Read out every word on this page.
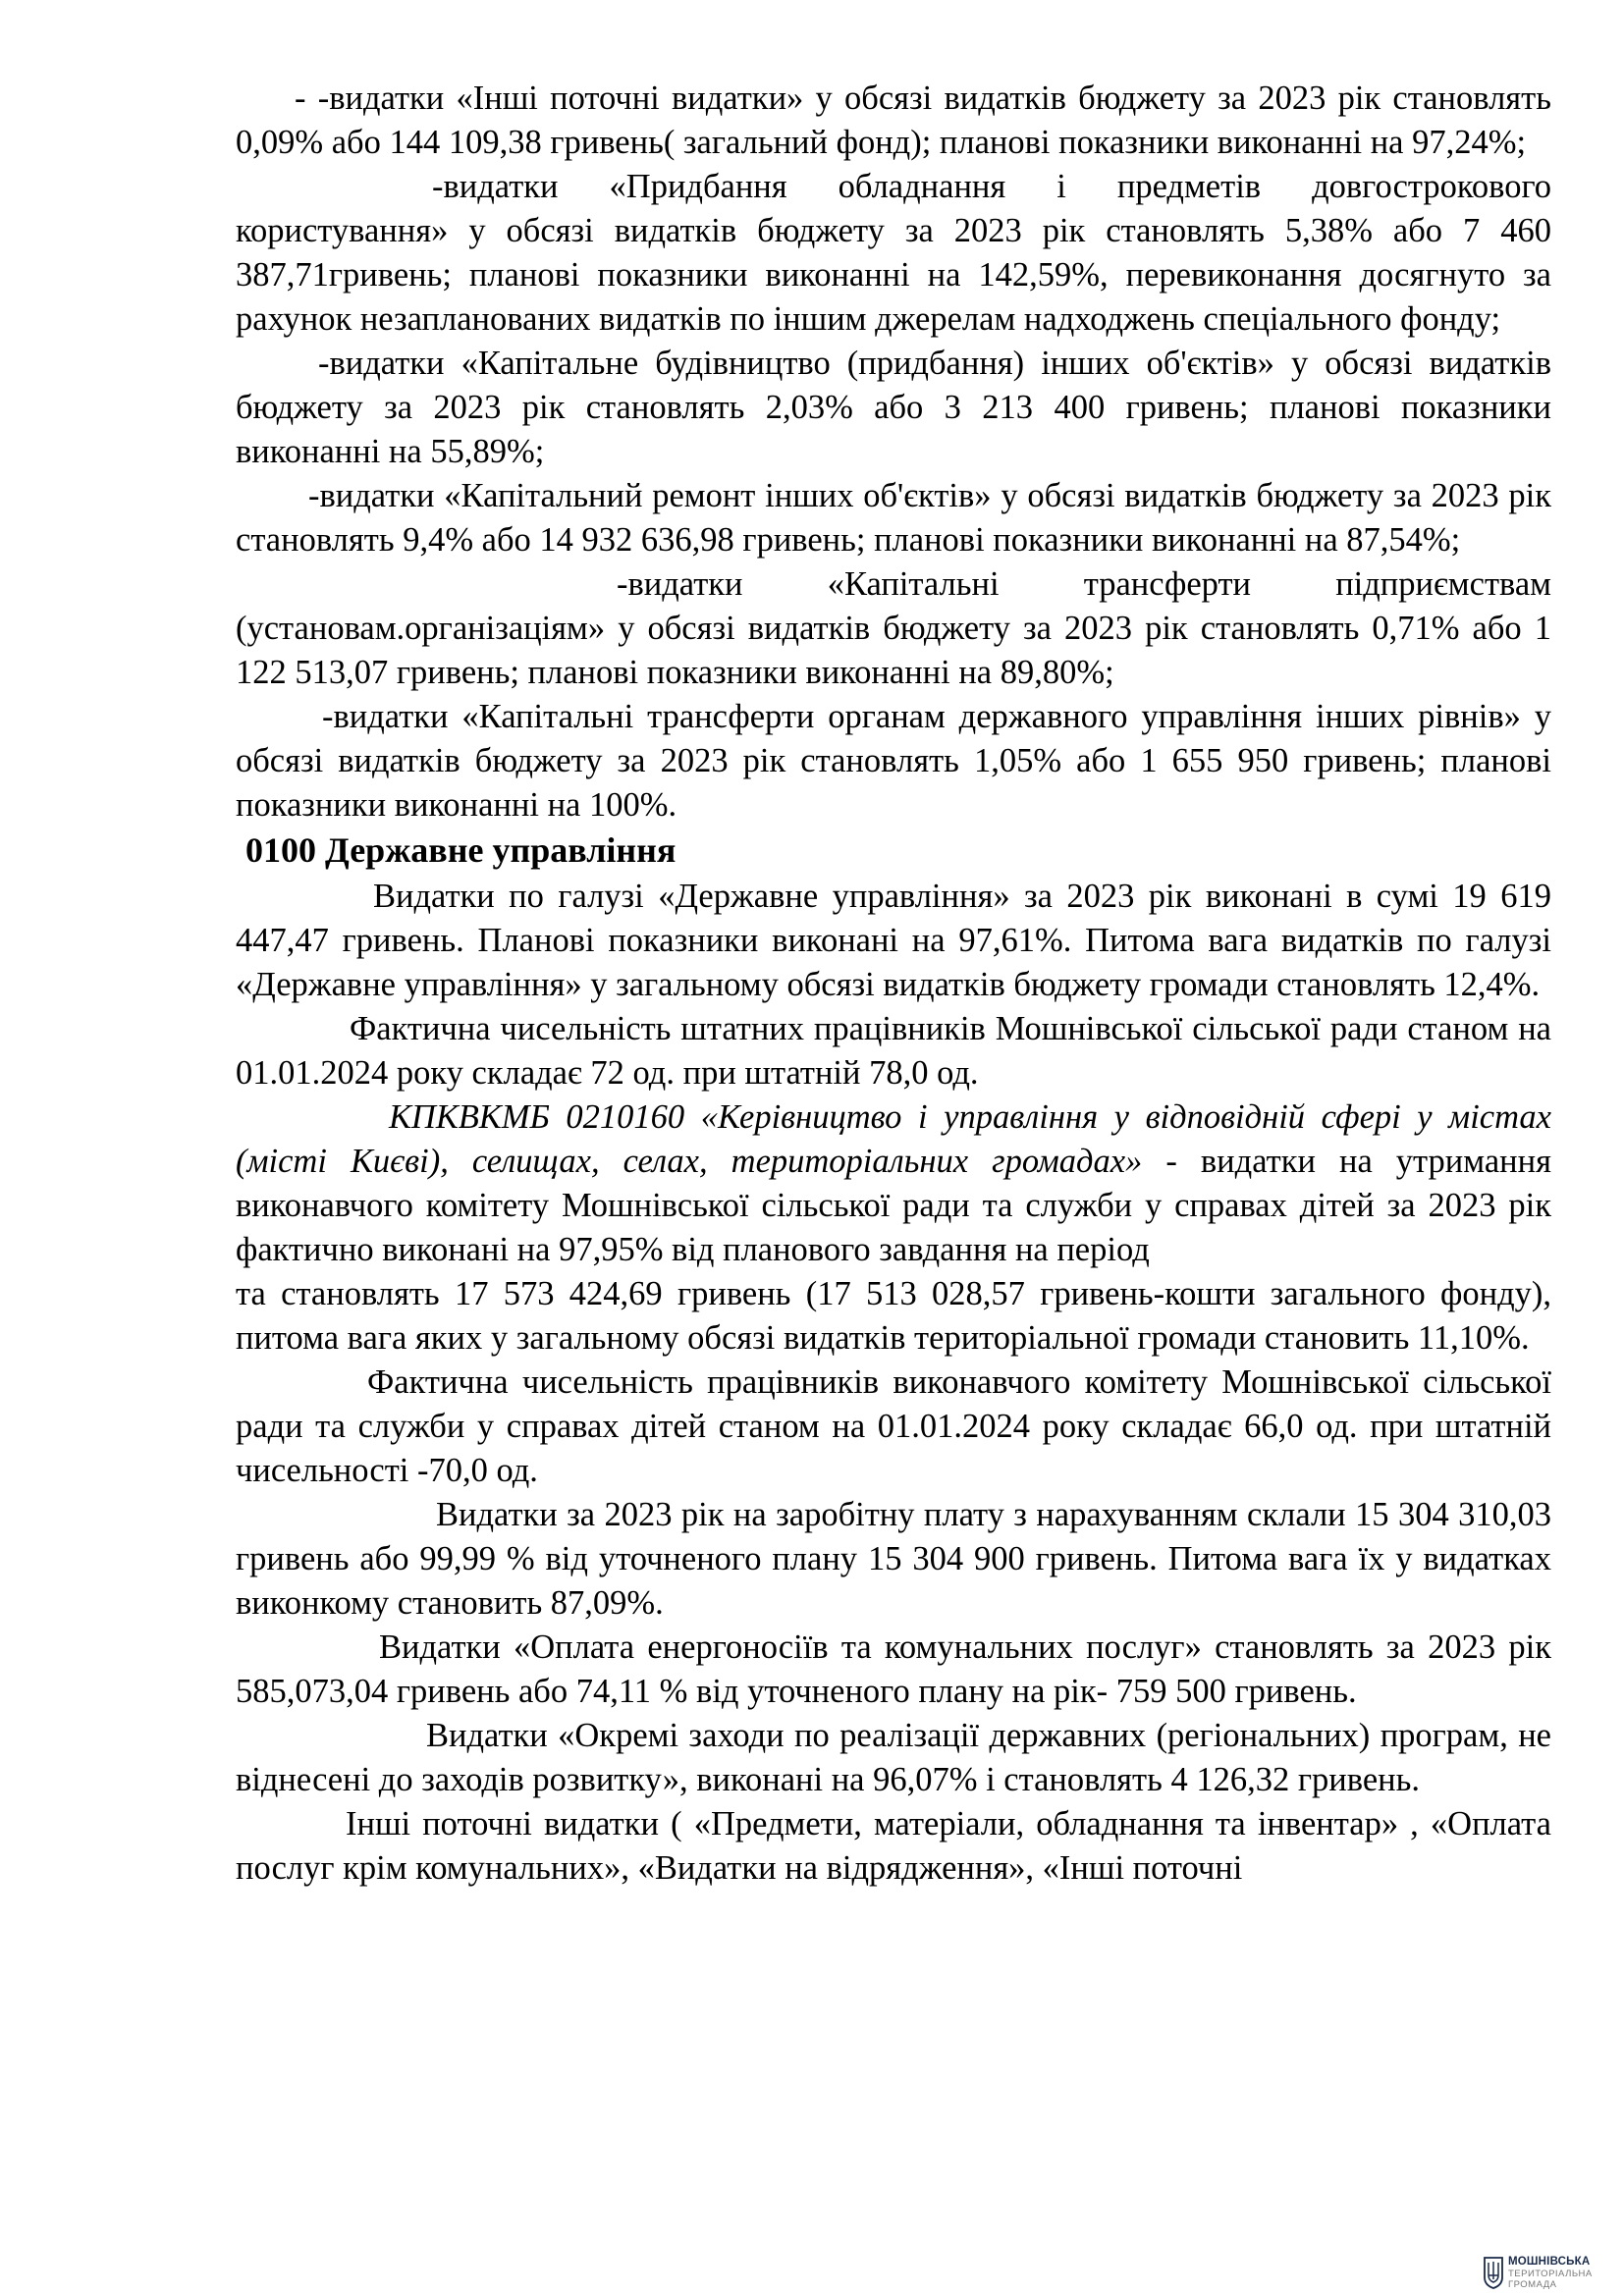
- -видатки «Інші поточні видатки» у обсязі видатків бюджету за 2023 рік становлять 0,09% або 144 109,38 гривень( загальний фонд); планові показники виконанні на 97,24%;

-видатки «Придбання обладнання і предметів довгострокового користування» у обсязі видатків бюджету за 2023 рік становлять 5,38% або 7 460 387,71гривень; планові показники виконанні на 142,59%, перевиконання досягнуто за рахунок незапланованих видатків по іншим джерелам надходжень спеціального фонду;

-видатки «Капітальне будівництво (придбання) інших об'єктів» у обсязі видатків бюджету за 2023 рік становлять 2,03% або 3 213 400 гривень; планові показники виконанні на 55,89%;

-видатки «Капітальний ремонт інших об'єктів» у обсязі видатків бюджету за 2023 рік становлять 9,4% або 14 932 636,98 гривень; планові показники виконанні на 87,54%;

-видатки «Капітальні трансферти підприємствам (установам.організаціям» у обсязі видатків бюджету за 2023 рік становлять 0,71% або 1 122 513,07 гривень; планові показники виконанні на 89,80%;

-видатки «Капітальні трансферти органам державного управління інших рівнів» у обсязі видатків бюджету за 2023 рік становлять 1,05% або 1 655 950 гривень; планові показники виконанні на 100%.

0100 Державне управління

Видатки по галузі «Державне управління» за 2023 рік виконані в сумі 19 619 447,47 гривень. Планові показники виконані на 97,61%. Питома вага видатків по галузі «Державне управління» у загальному обсязі видатків бюджету громади становлять 12,4%.

Фактична чисельність штатних працівників Мошнівської сільської ради станом на 01.01.2024 року складає 72 од. при штатній 78,0 од.

КПКВКМБ 0210160 «Керівництво і управління у відповідній сфері у містах (місті Києві), селищах, селах, територіальних громадах» - видатки на утримання виконавчого комітету Мошнівської сільської ради та служби у справах дітей за 2023 рік фактично виконані на 97,95% від планового завдання на період

та становлять 17 573 424,69 гривень (17 513 028,57 гривень-кошти загального фонду), питома вага яких у загальному обсязі видатків територіальної громади становить 11,10%.

Фактична чисельність працівників виконавчого комітету Мошнівської сільської ради та служби у справах дітей станом на 01.01.2024 року складає 66,0 од. при штатній чисельності -70,0 од.

Видатки за 2023 рік на заробітну плату з нарахуванням склали 15 304 310,03 гривень або 99,99 % від уточненого плану 15 304 900 гривень. Питома вага їх у видатках виконкому становить 87,09%.

Видатки «Оплата енергоносіїв та комунальних послуг» становлять за 2023 рік 585,073,04 гривень або 74,11 % від уточненого плану на рік- 759 500 гривень.

Видатки «Окремі заходи по реалізації державних (регіональних) програм, не віднесені до заходів розвитку», виконані на 96,07% і становлять 4 126,32 гривень.

Інші поточні видатки ( «Предмети, матеріали, обладнання та інвентар» , «Оплата послуг крім комунальних», «Видатки на відрядження», «Інші поточні

МОШНІВСЬКА
ТЕРИТОРІАЛЬНА
ГРОМАДА
